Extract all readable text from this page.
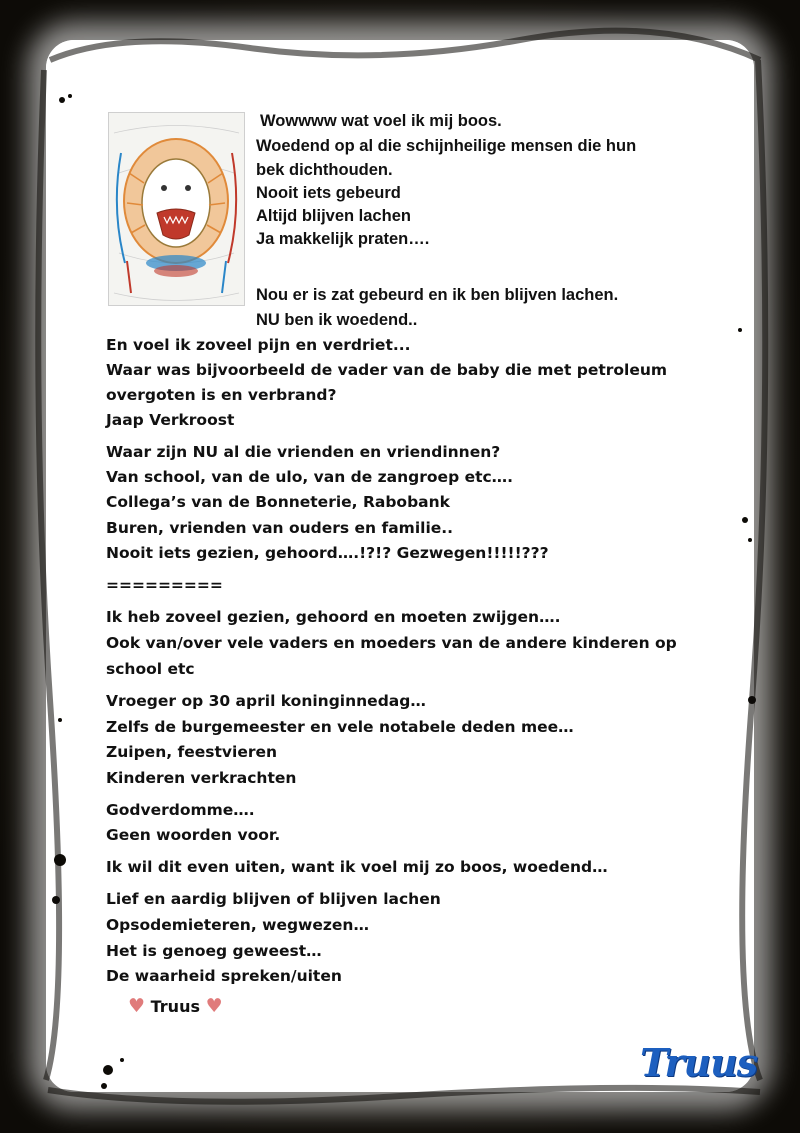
Wowwww wat voel ik mij boos.
Woedend op al die schijnheilige mensen die hun
bek dichthouden.
Nooit iets gebeurd
Altijd blijven lachen
Ja makkelijk praten….
Nou er is zat gebeurd en ik ben blijven lachen.
NU ben ik woedend..
En voel ik zoveel pijn en verdriet...
Waar was bijvoorbeeld de vader van de baby die met petroleum
overgoten is en verbrand?
Jaap Verkroost
Waar zijn NU al die vrienden en vriendinnen?
Van school, van de ulo, van de zangroep etc….
Collega’s van de Bonneterie, Rabobank
Buren, vrienden van ouders en familie..
Nooit iets gezien, gehoord….!?!? Gezwegen!!!!!???
=========
Ik heb zoveel gezien, gehoord en moeten zwijgen….
Ook van/over vele vaders en moeders van de andere kinderen op
school etc
Vroeger op 30 april koninginnedag…
Zelfs de burgemeester en vele notabele deden mee…
Zuipen, feestvieren
Kinderen verkrachten
Godverdomme….
Geen woorden voor.
Ik wil dit even uiten, want ik voel mij zo boos, woedend…
Lief en aardig blijven of blijven lachen
Opsodemieteren, wegwezen…
Het is genoeg geweest…
De waarheid spreken/uiten
♥ Truus ♥
Truus
